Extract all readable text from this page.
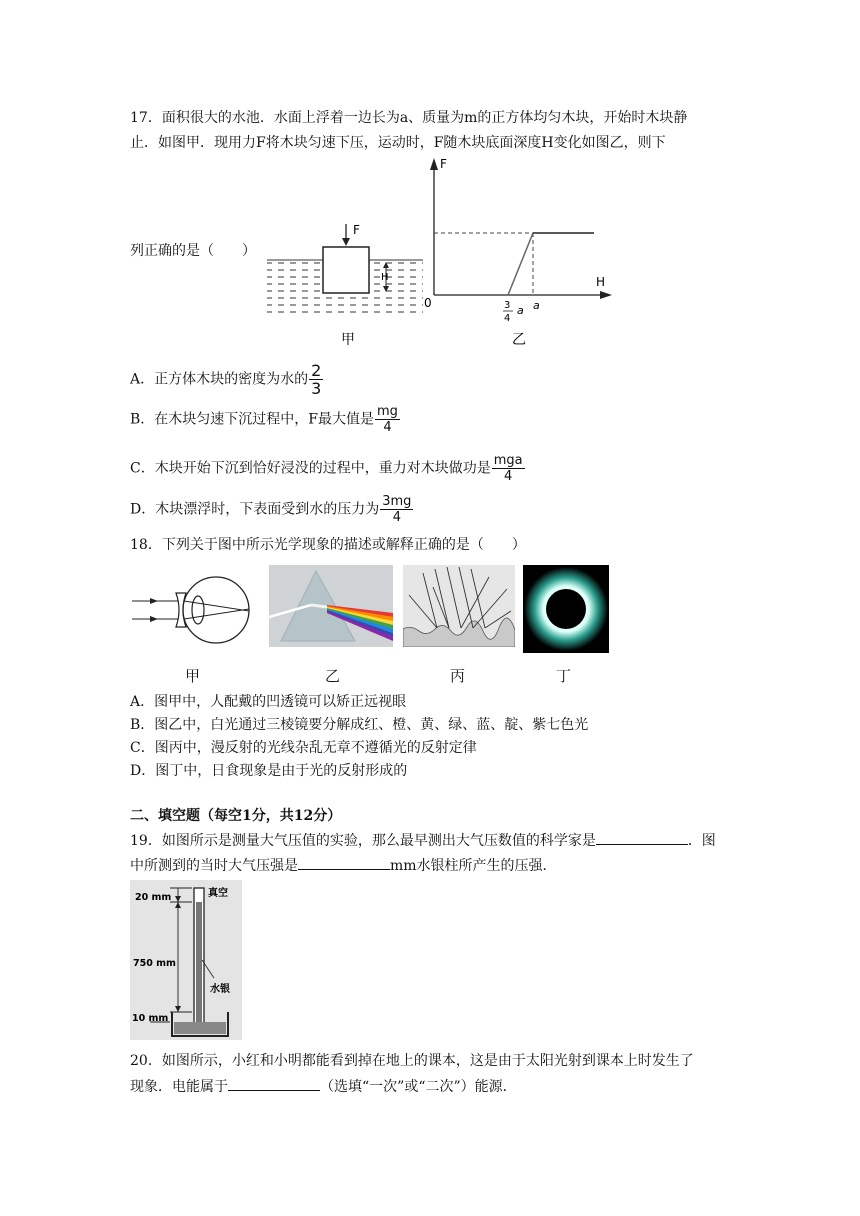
17．面积很大的水池．水面上浮着一边长为a、质量为m的正方体均匀木块，开始时木块静
止．如图甲．现用力F将木块匀速下压，运动时，F随木块底面深度H变化如图乙，则下
列正确的是（　　）
F
H
甲
F
H
0	3
4
a a
乙
A．正方体木块的密度为水的 $\frac{2}{3}$
B．在木块匀速下沉过程中，F最大值是 $\frac{mg}{4}$
C．木块开始下沉到恰好浸没的过程中，重力对木块做功是 $\frac{\text{mga}}{4}$
D．木块漂浮时，下表面受到水的压力为 $\frac{3mg}{4}$
18．下列关于图中所示光学现象的描述或解释正确的是（　　）
甲	乙	丙	丁
A．图甲中，人配戴的凹透镜可以矫正远视眼
B．图乙中，白光通过三棱镜要分解成红、橙、黄、绿、蓝、靛、紫七色光
C．图丙中，漫反射的光线杂乱无章不遵循光的反射定律
D．图丁中，日食现象是由于光的反射形成的
二、填空题（每空1分，共12分）
19．如图所示是测量大气压值的实验，那么最早测出大气压数值的科学家是	．图
中所测到的当时大气压强是	mm水银柱所产生的压强．
20 mm
750 mm
10 mm
真空
水银
20．如图所示，小红和小明都能看到掉在地上的课本，这是由于太阳光射到课本上时发生了
现象．电能属于	（选填“一次”或“二次”）能源．
